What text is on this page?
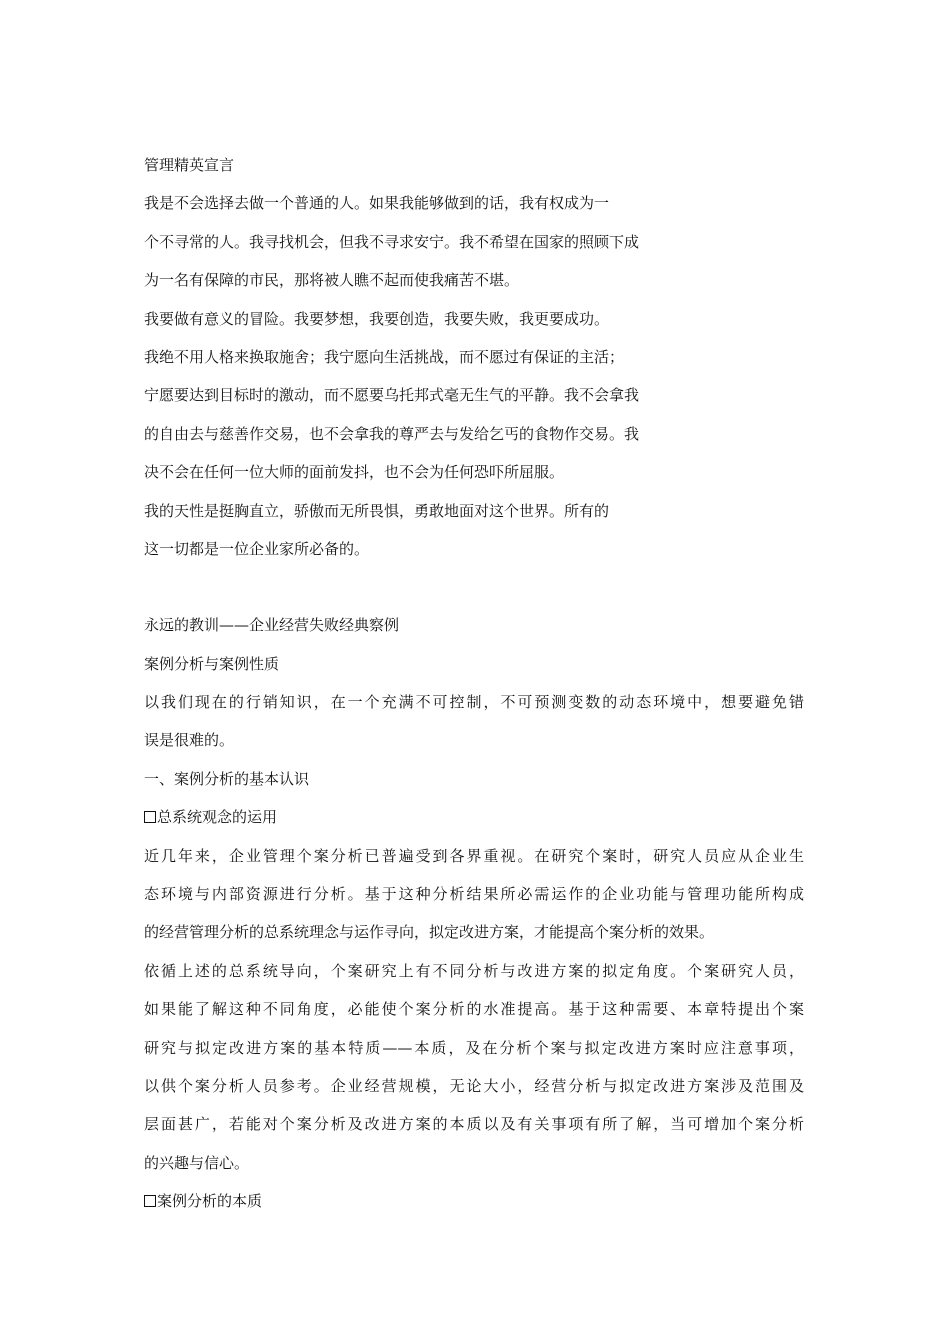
管理精英宣言
我是不会选择去做一个普通的人。如果我能够做到的话，我有权成为一
个不寻常的人。我寻找机会，但我不寻求安宁。我不希望在国家的照顾下成
为一名有保障的市民，那将被人瞧不起而使我痛苦不堪。
我要做有意义的冒险。我要梦想，我要创造，我要失败，我更要成功。
我绝不用人格来换取施舍；我宁愿向生活挑战，而不愿过有保证的主活；
宁愿要达到目标时的激动，而不愿要乌托邦式毫无生气的平静。我不会拿我
的自由去与慈善作交易，也不会拿我的尊严去与发给乞丐的食物作交易。我
决不会在任何一位大师的面前发抖，也不会为任何恐吓所屈服。
我的天性是挺胸直立，骄傲而无所畏惧，勇敢地面对这个世界。所有的
这一切都是一位企业家所必备的。
永远的教训——企业经营失败经典察例
案例分析与案例性质
以我们现在的行销知识，在一个充满不可控制，不可预测变数的动态环境中，想要避免错
误是很难的。
一、案例分析的基本认识
总系统观念的运用
近几年来，企业管理个案分析已普遍受到各界重视。在研究个案时，研究人员应从企业生
态环境与内部资源进行分析。基于这种分析结果所必需运作的企业功能与管理功能所构成
的经营管理分析的总系统理念与运作寻向，拟定改进方案，才能提高个案分析的效果。
依循上述的总系统导向，个案研究上有不同分析与改进方案的拟定角度。个案研究人员，
如果能了解这种不同角度，必能使个案分析的水准提高。基于这种需要、本章特提出个案
研究与拟定改进方案的基本特质——本质，及在分析个案与拟定改进方案时应注意事项，
以供个案分析人员参考。企业经营规模，无论大小，经营分析与拟定改进方案涉及范围及
层面甚广，若能对个案分析及改进方案的本质以及有关事项有所了解，当可增加个案分析
的兴趣与信心。
案例分析的本质
